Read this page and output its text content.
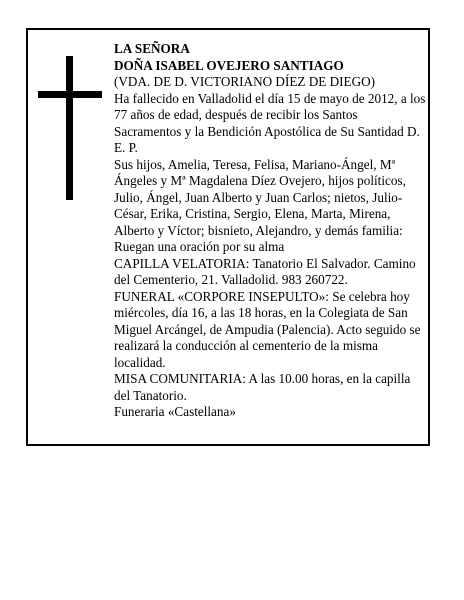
LA SEÑORA

DOÑA ISABEL OVEJERO SANTIAGO

(VDA. DE D. VICTORIANO DÍEZ DE DIEGO)

Ha fallecido en Valladolid el día 15 de mayo de 2012, a los 77 años de edad, después de recibir los Santos Sacramentos y la Bendición Apostólica de Su Santidad D. E. P.

Sus hijos, Amelia, Teresa, Felisa, Mariano-Ángel, Mª Ángeles y Mª Magdalena Díez Ovejero, hijos políticos, Julio, Ángel, Juan Alberto y Juan Carlos; nietos, Julio-César, Erika, Cristina, Sergio, Elena, Marta, Mirena, Alberto y Víctor; bisnieto, Alejandro, y demás familia:

Ruegan una oración por su alma

CAPILLA VELATORIA: Tanatorio El Salvador. Camino del Cementerio, 21. Valladolid. 983 260722.

FUNERAL «CORPORE INSEPULTO»: Se celebra hoy miércoles, día 16, a las 18 horas, en la Colegiata de San Miguel Arcángel, de Ampudia (Palencia). Acto seguido se realizará la conducción al cementerio de la misma localidad.

MISA COMUNITARIA: A las 10.00 horas, en la capilla del Tanatorio.

Funeraria «Castellana»
